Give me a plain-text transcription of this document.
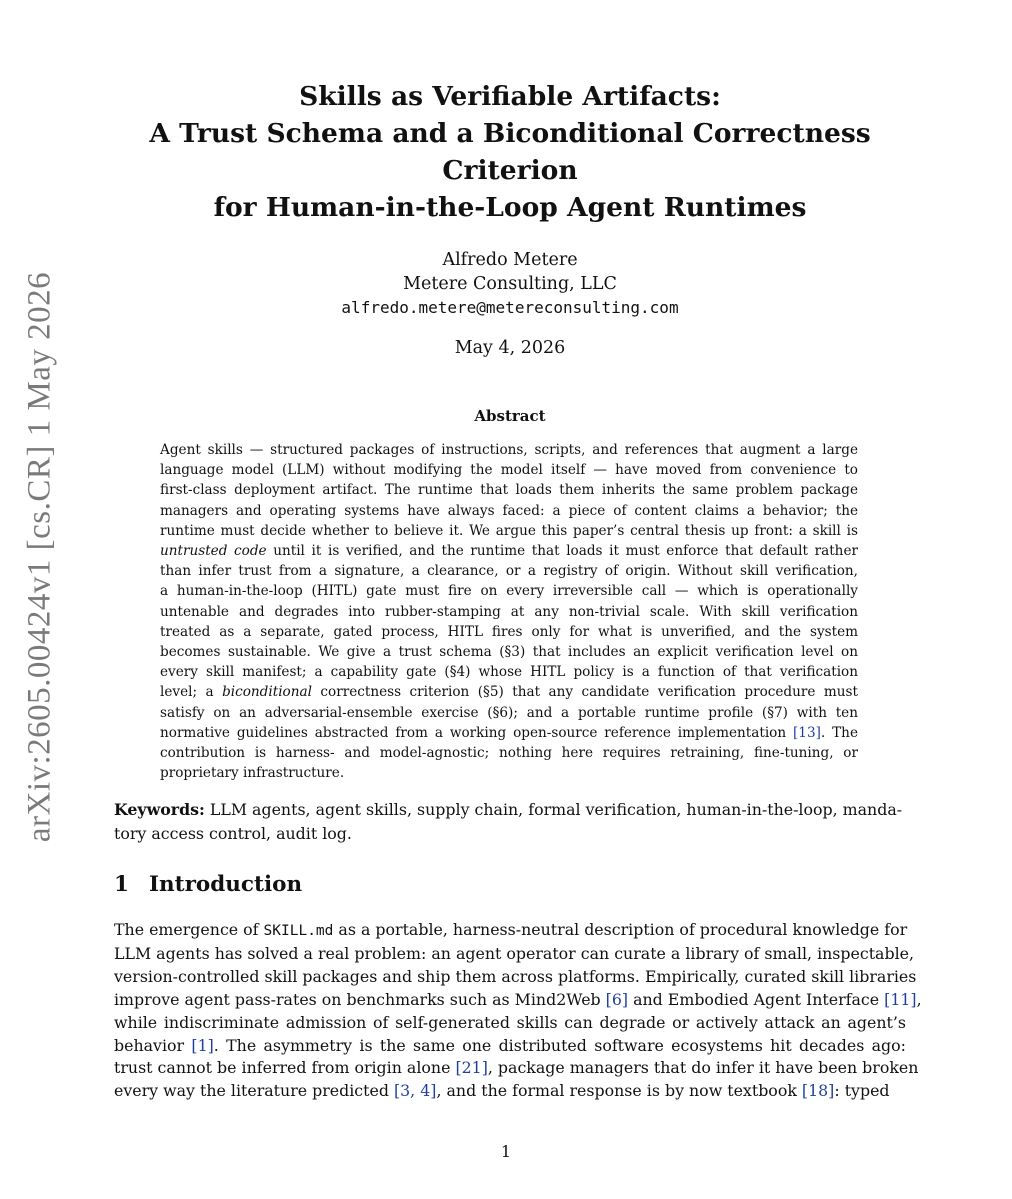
arXiv:2605.00424v1 [cs.CR] 1 May 2026
Skills as Verifiable Artifacts:
A Trust Schema and a Biconditional Correctness
Criterion
for Human-in-the-Loop Agent Runtimes
Alfredo Metere
Metere Consulting, LLC
alfredo.metere@metereconsulting.com
May 4, 2026
Abstract

Agent skills — structured packages of instructions, scripts, and references that augment a large
language model (LLM) without modifying the model itself — have moved from convenience to
first-class deployment artifact. The runtime that loads them inherits the same problem package
managers and operating systems have always faced: a piece of content claims a behavior; the
runtime must decide whether to believe it. We argue this paper’s central thesis up front: a skill is
untrusted code until it is verified, and the runtime that loads it must enforce that default rather
than infer trust from a signature, a clearance, or a registry of origin. Without skill verification,
a human-in-the-loop (HITL) gate must fire on every irreversible call — which is operationally
untenable and degrades into rubber-stamping at any non-trivial scale. With skill verification
treated as a separate, gated process, HITL fires only for what is unverified, and the system
becomes sustainable. We give a trust schema (§3) that includes an explicit verification level on
every skill manifest; a capability gate (§4) whose HITL policy is a function of that verification
level; a biconditional correctness criterion (§5) that any candidate verification procedure must
satisfy on an adversarial-ensemble exercise (§6); and a portable runtime profile (§7) with ten
normative guidelines abstracted from a working open-source reference implementation [13]. The
contribution is harness- and model-agnostic; nothing here requires retraining, fine-tuning, or
proprietary infrastructure.

Keywords: LLM agents, agent skills, supply chain, formal verification, human-in-the-loop, manda-tory access control, audit log.

1 Introduction

The emergence of SKILL.md as a portable, harness-neutral description of procedural knowledge for
LLM agents has solved a real problem: an agent operator can curate a library of small, inspectable,
version-controlled skill packages and ship them across platforms. Empirically, curated skill libraries
improve agent pass-rates on benchmarks such as Mind2Web [6] and Embodied Agent Interface [11],
while indiscriminate admission of self-generated skills can degrade or actively attack an agent’s
behavior [1]. The asymmetry is the same one distributed software ecosystems hit decades ago:
trust cannot be inferred from origin alone [21], package managers that do infer it have been broken
every way the literature predicted [3, 4], and the formal response is by now textbook [18]: typed

1
